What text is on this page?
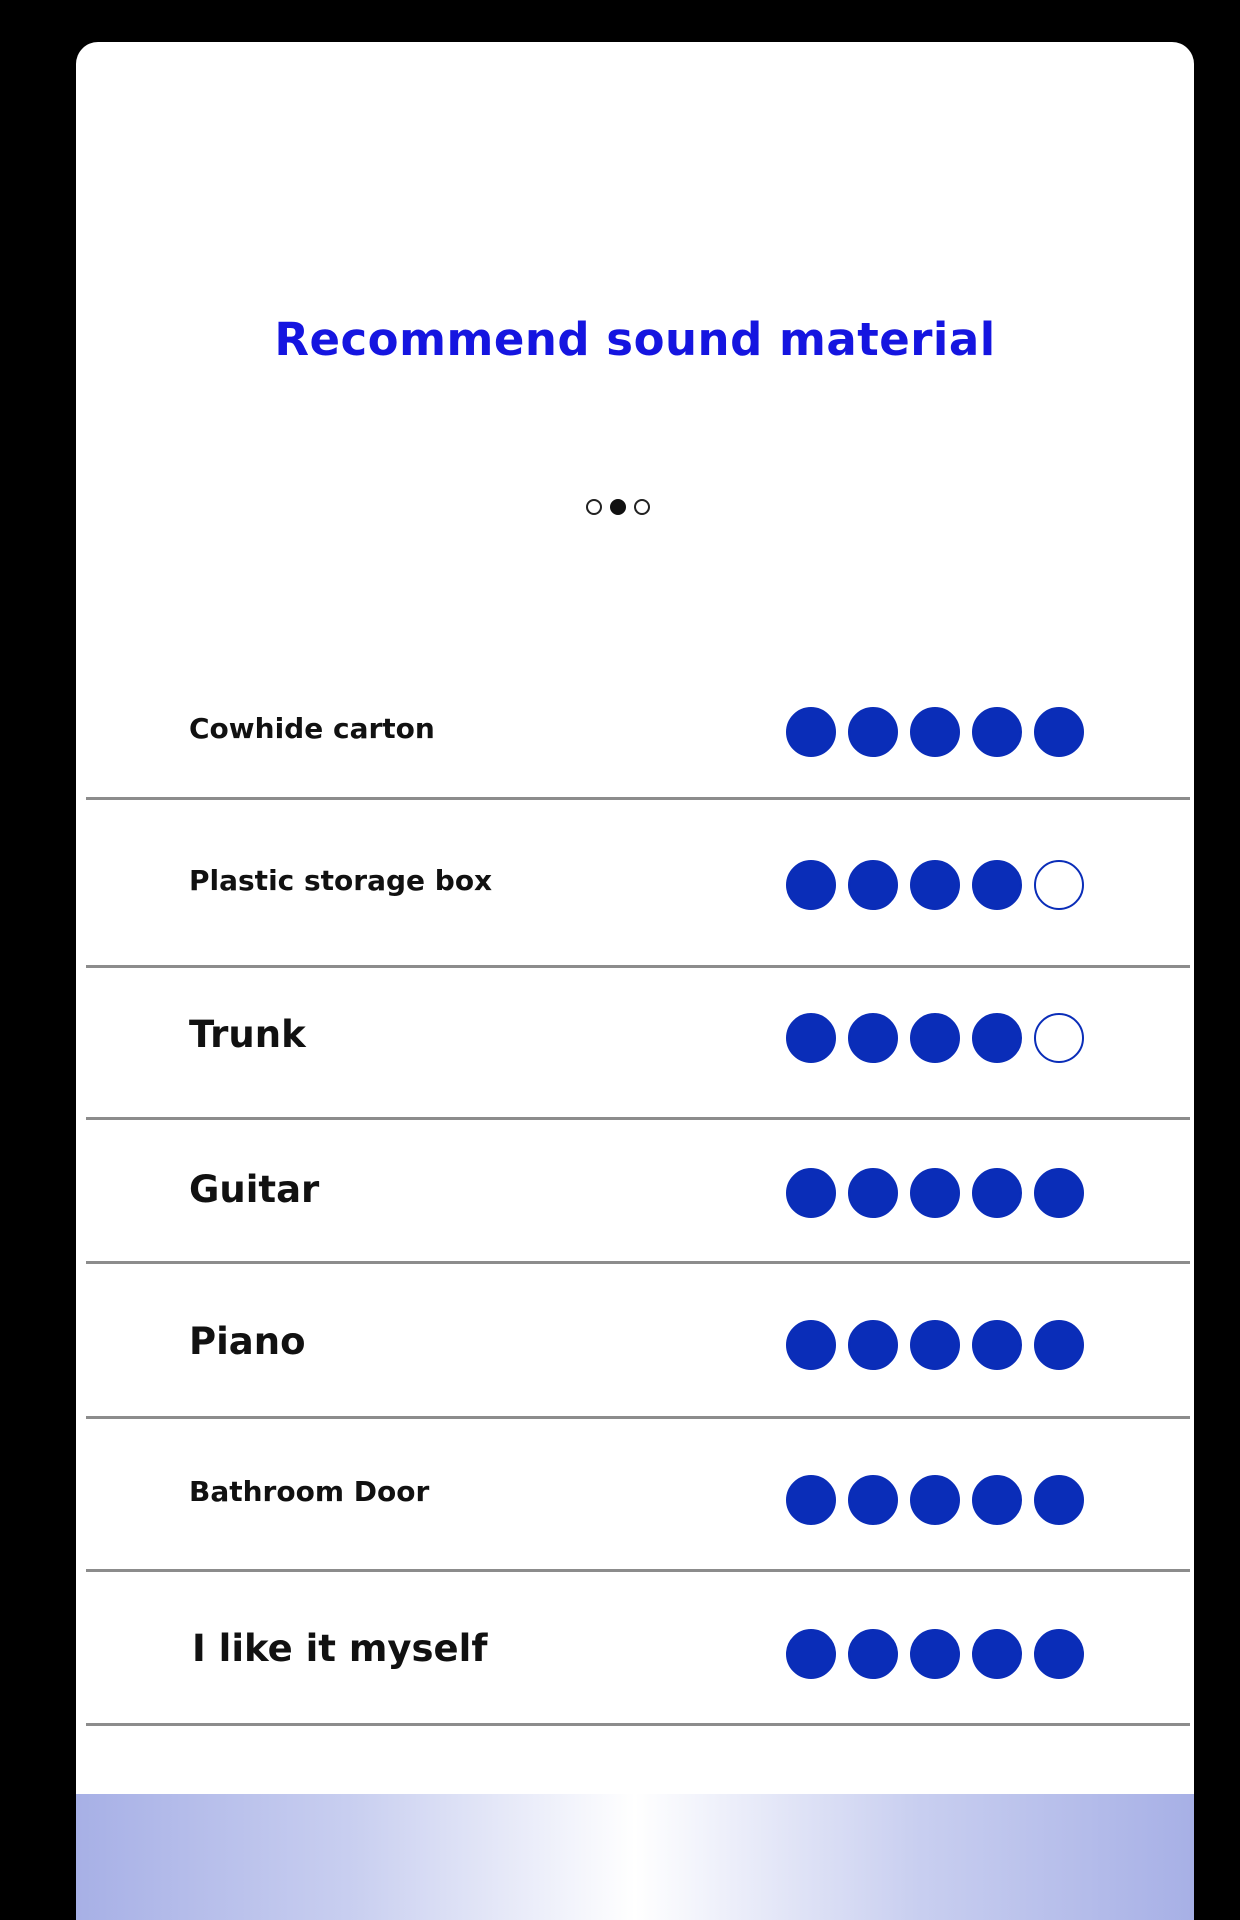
Recommend sound material
Cowhide carton
Plastic storage box
Trunk
Guitar
Piano
Bathroom Door
I like it myself
